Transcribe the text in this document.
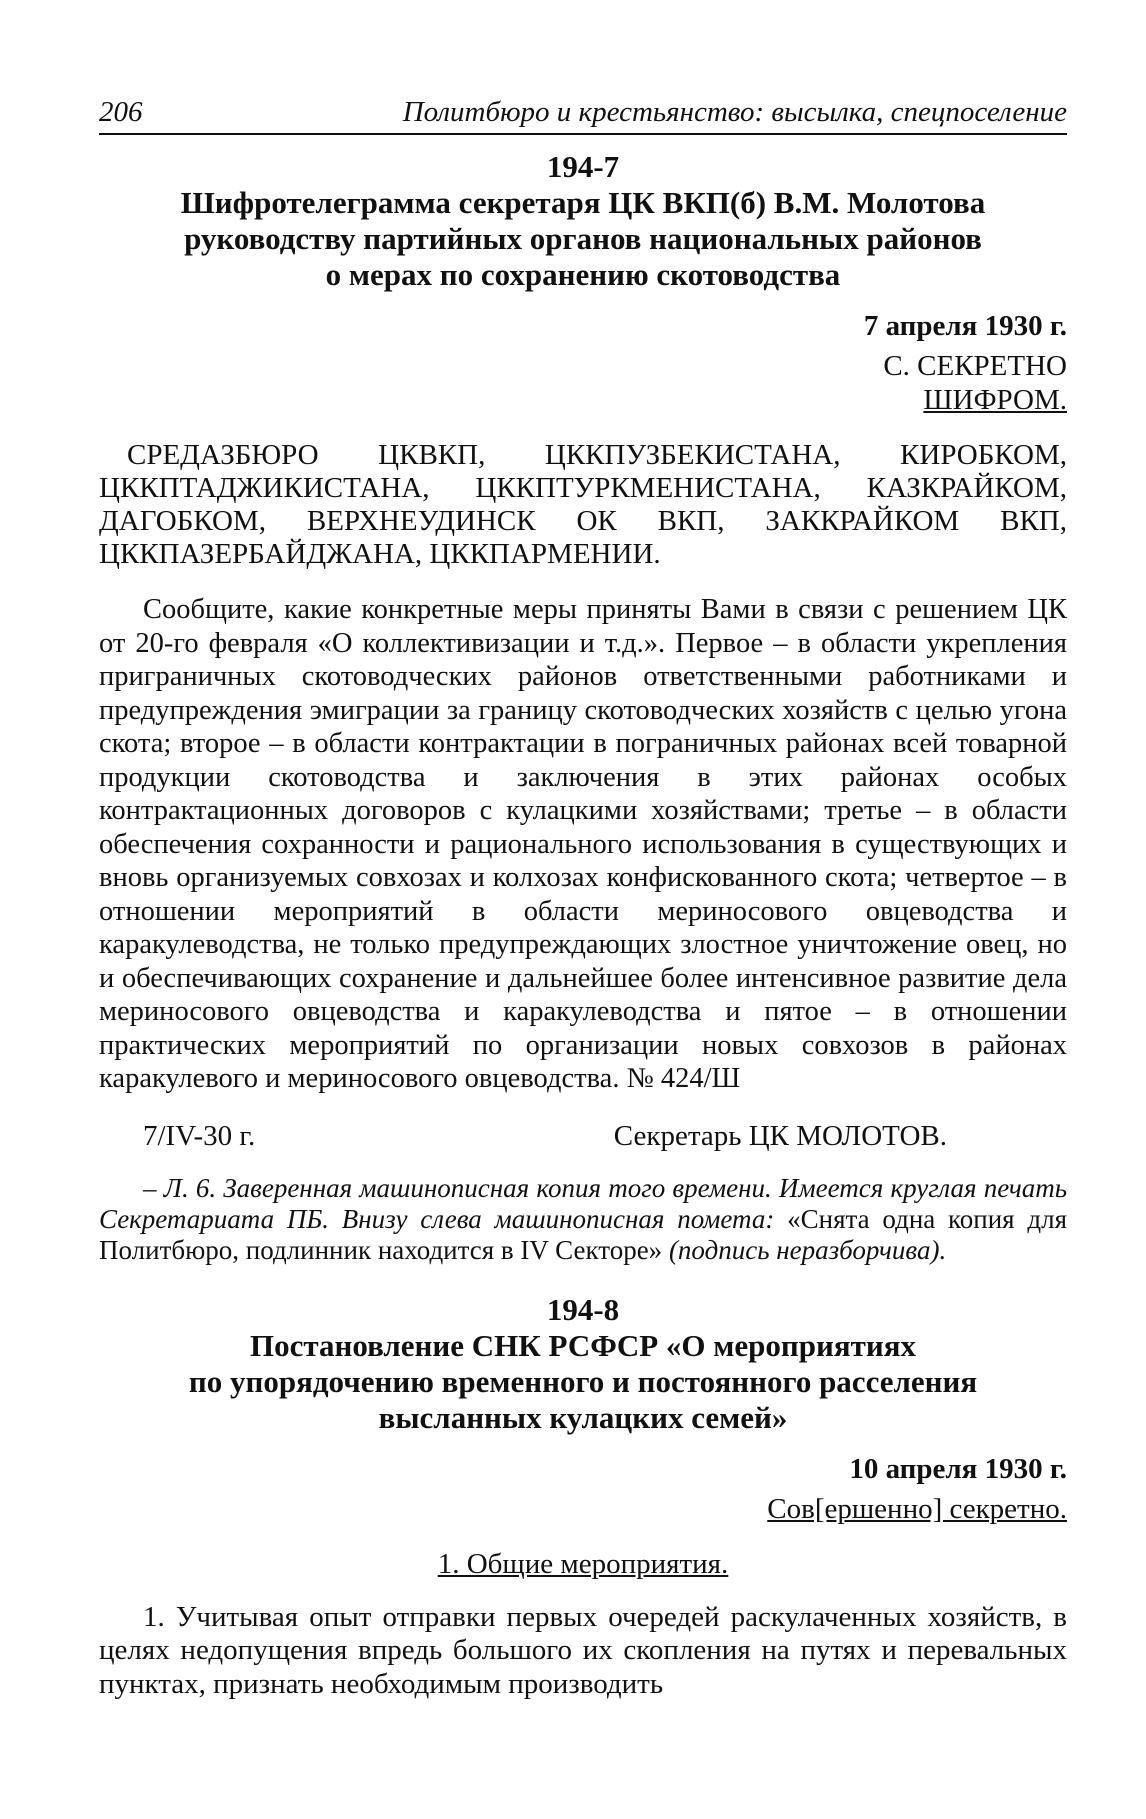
206	Политбюро и крестьянство: высылка, спецпоселение
194-7
Шифротелеграмма секретаря ЦК ВКП(б) В.М. Молотова
руководству партийных органов национальных районов
о мерах по сохранению скотоводства
7 апреля 1930 г.
С. СЕКРЕТНО
ШИФРОМ.
СРЕДАЗБЮРО ЦКВКП, ЦККПУЗБЕКИСТАНА, КИРОБКОМ, ЦККПТАДЖИКИСТАНА, ЦККПТУРКМЕНИСТАНА, КАЗКРАЙКОМ, ДАГОБКОМ, ВЕРХНЕУДИНСК ОК ВКП, ЗАККРАЙКОМ ВКП, ЦККПАЗЕРБАЙДЖАНА, ЦККПАРМЕНИИ.
Сообщите, какие конкретные меры приняты Вами в связи с решением ЦК от 20-го февраля «О коллективизации и т.д.». Первое – в области укрепления приграничных скотоводческих районов ответственными работниками и предупреждения эмиграции за границу скотоводческих хозяйств с целью угона скота; второе – в области контрактации в пограничных районах всей товарной продукции скотоводства и заключения в этих районах особых контрактационных договоров с кулацкими хозяйствами; третье – в области обеспечения сохранности и рационального использования в существующих и вновь организуемых совхозах и колхозах конфискованного скота; четвертое – в отношении мероприятий в области мериносового овцеводства и каракулеводства, не только предупреждающих злостное уничтожение овец, но и обеспечивающих сохранение и дальнейшее более интенсивное развитие дела мериносового овцеводства и каракулеводства и пятое – в отношении практических мероприятий по организации новых совхозов в районах каракулевого и мериносового овцеводства. № 424/Ш
7/IV-30 г.	Секретарь ЦК МОЛОТОВ.
– Л. 6. Заверенная машинописная копия того времени. Имеется круглая печать Секретариата ПБ. Внизу слева машинописная помета: «Снята одна копия для Политбюро, подлинник находится в IV Секторе» (подпись неразборчива).
194-8
Постановление СНК РСФСР «О мероприятиях
по упорядочению временного и постоянного расселения
высланных кулацких семей»
10 апреля 1930 г.
Сов[ершенно] секретно.
1. Общие мероприятия.
1. Учитывая опыт отправки первых очередей раскулаченных хозяйств, в целях недопущения впредь большого их скопления на путях и перевальных пунктах, признать необходимым производить
